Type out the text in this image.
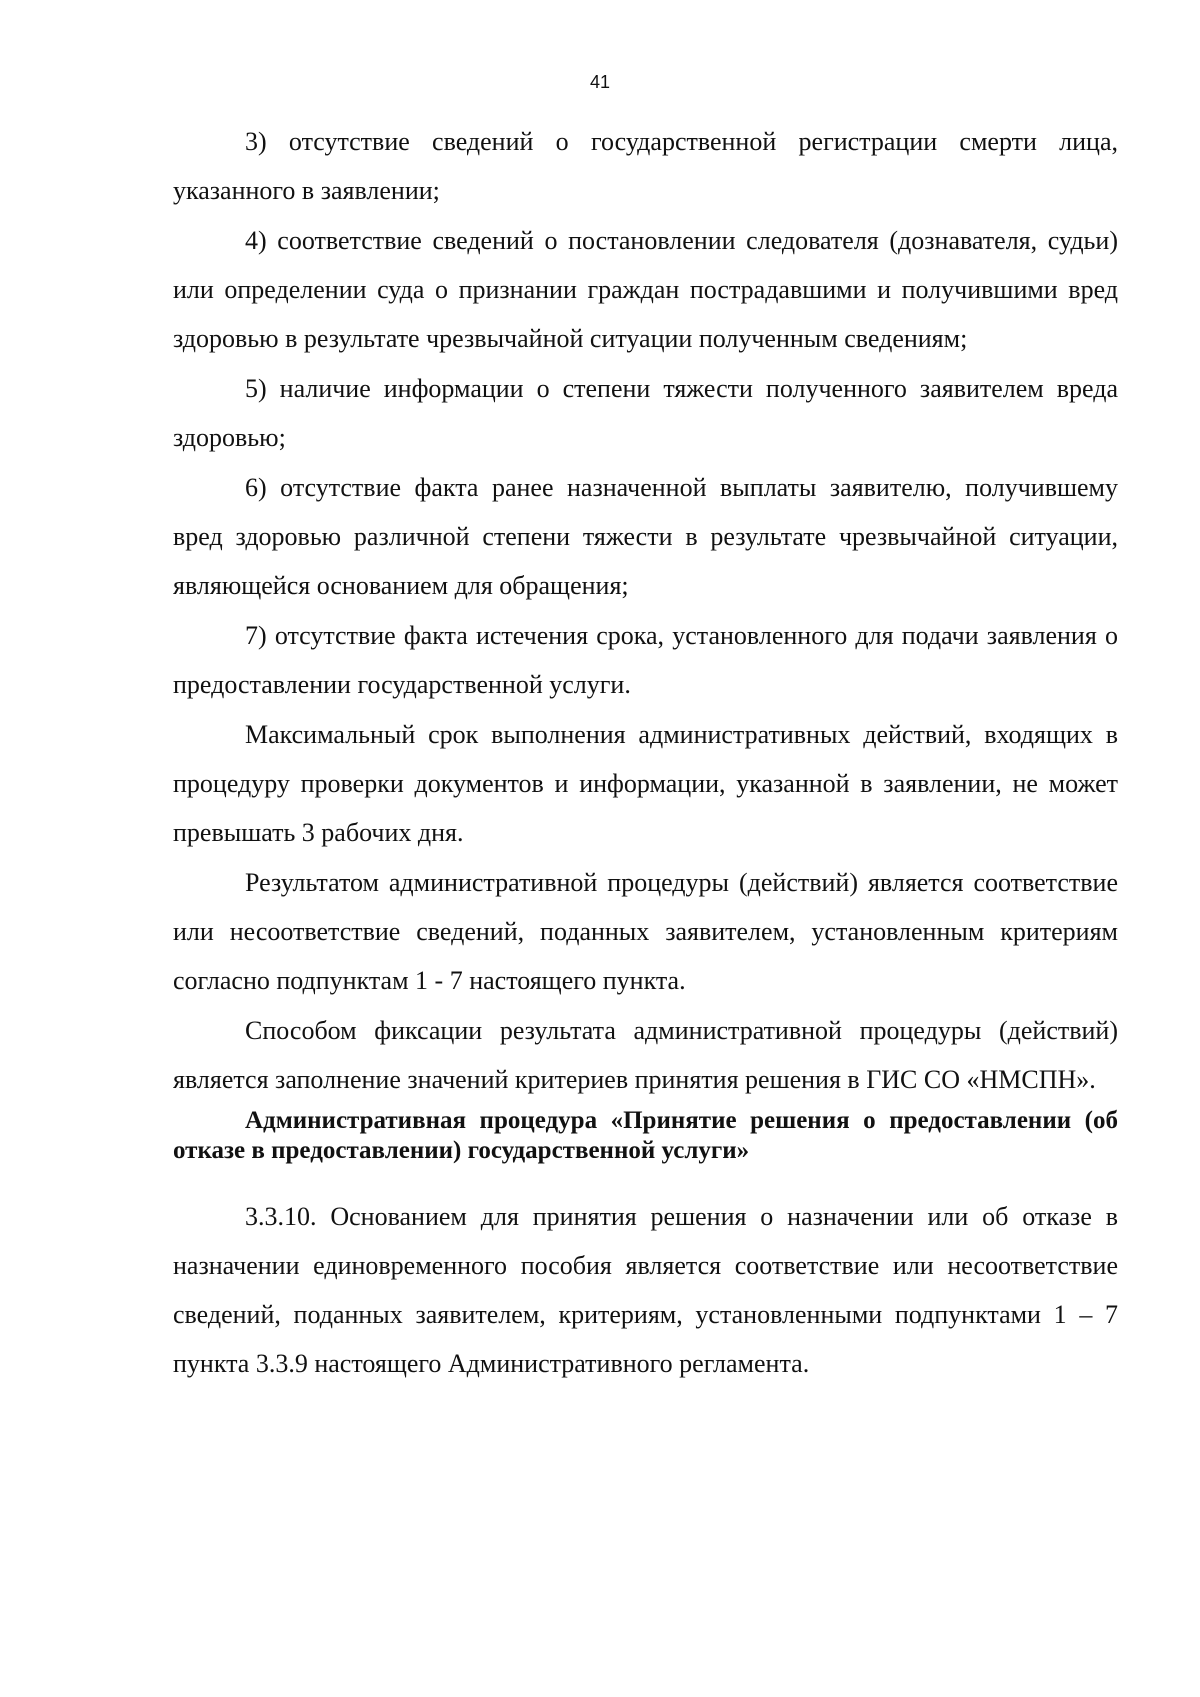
41

3) отсутствие сведений о государственной регистрации смерти лица, указанного в заявлении;

4) соответствие сведений о постановлении следователя (дознавателя, судьи) или определении суда о признании граждан пострадавшими и получившими вред здоровью в результате чрезвычайной ситуации полученным сведениям;

5) наличие информации о степени тяжести полученного заявителем вреда здоровью;

6) отсутствие факта ранее назначенной выплаты заявителю, получившему вред здоровью различной степени тяжести в результате чрезвычайной ситуации, являющейся основанием для обращения;

7) отсутствие факта истечения срока, установленного для подачи заявления о предоставлении государственной услуги.

Максимальный срок выполнения административных действий, входящих в процедуру проверки документов и информации, указанной в заявлении, не может превышать 3 рабочих дня.

Результатом административной процедуры (действий) является соответствие или несоответствие сведений, поданных заявителем, установленным критериям согласно подпунктам 1 - 7 настоящего пункта.

Способом фиксации результата административной процедуры (действий) является заполнение значений критериев принятия решения в ГИС СО «НМСПН».

Административная процедура «Принятие решения о предоставлении (об отказе в предоставлении) государственной услуги»

3.3.10. Основанием для принятия решения о назначении или об отказе в назначении единовременного пособия является соответствие или несоответствие сведений, поданных заявителем, критериям, установленными подпунктами 1 – 7 пункта 3.3.9 настоящего Административного регламента.
